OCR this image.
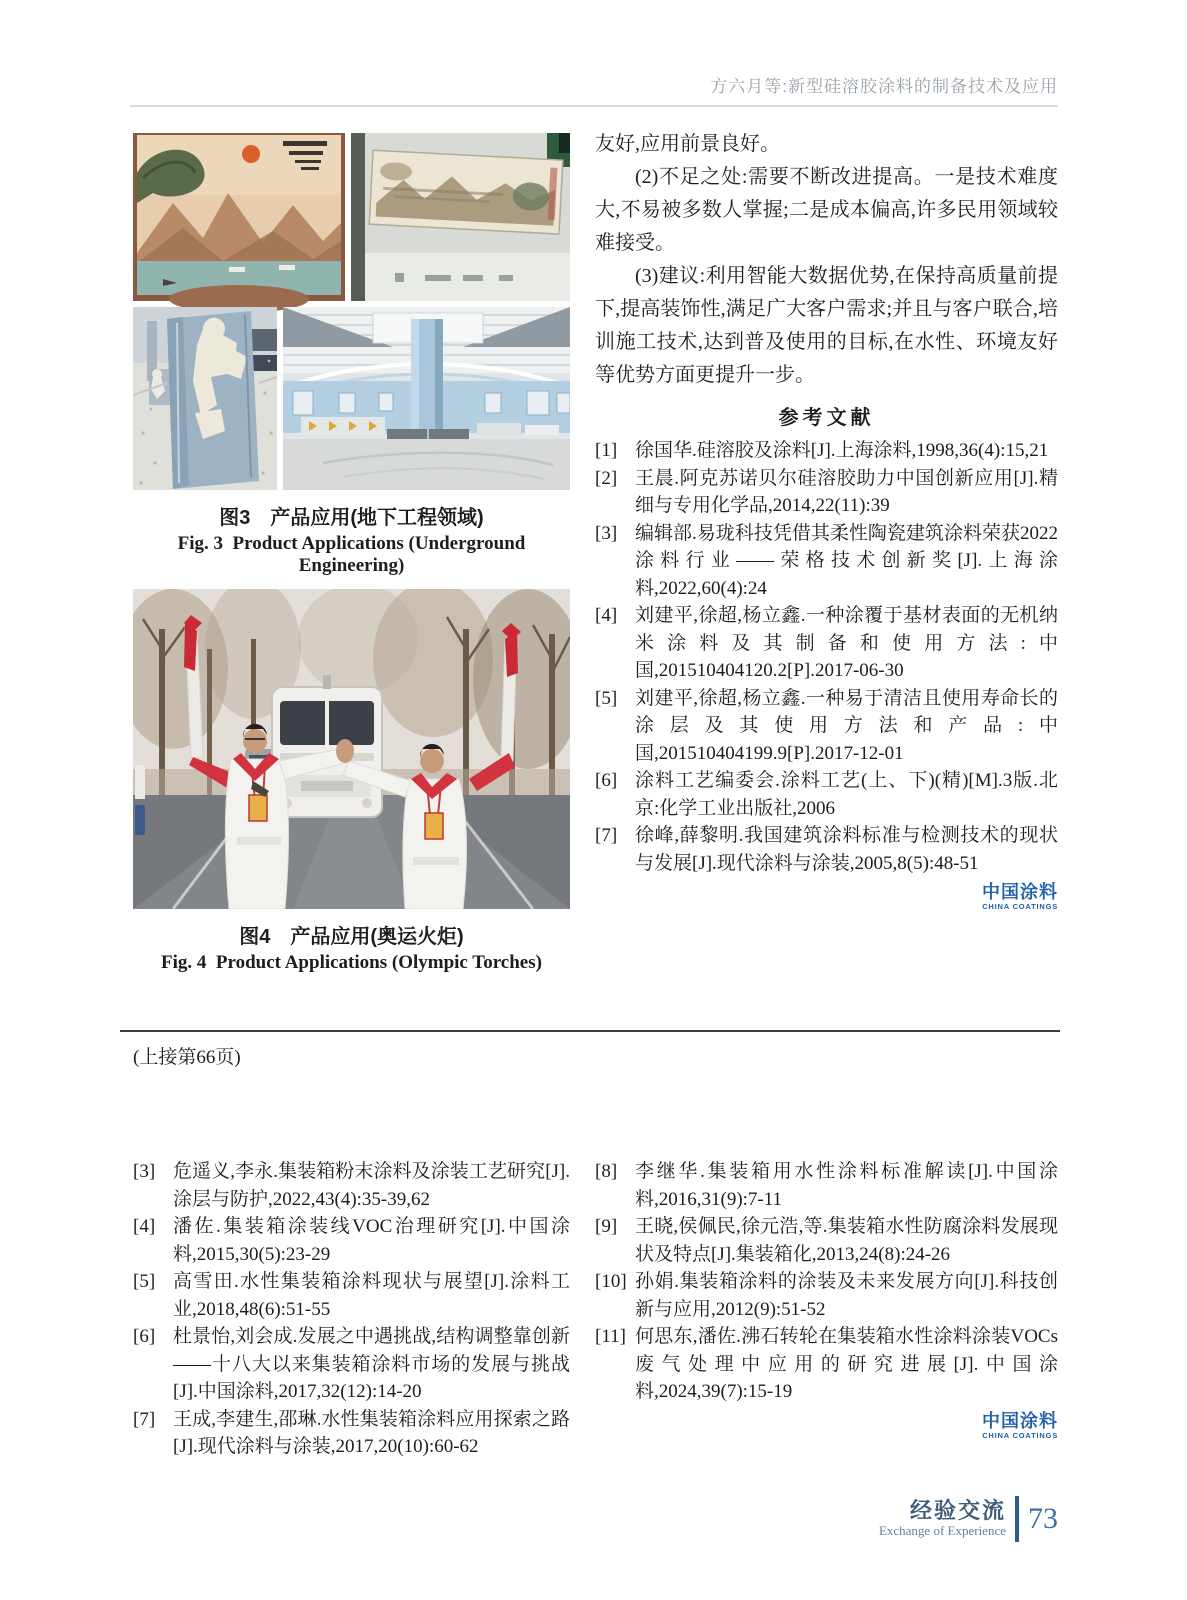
方六月等:新型硅溶胶涂料的制备技术及应用
图3　产品应用(地下工程领域)
Fig. 3  Product Applications (Underground Engineering)
图4　产品应用(奥运火炬)
Fig. 4  Product Applications (Olympic Torches)

友好,应用前景良好。

(2)不足之处:需要不断改进提高。一是技术难度大,不易被多数人掌握;二是成本偏高,许多民用领域较难接受。

(3)建议:利用智能大数据优势,在保持高质量前提下,提高装饰性,满足广大客户需求;并且与客户联合,培训施工技术,达到普及使用的目标,在水性、环境友好等优势方面更提升一步。

参考文献
[1] 徐国华.硅溶胶及涂料[J].上海涂料,1998,36(4):15,21
[2] 王晨.阿克苏诺贝尔硅溶胶助力中国创新应用[J].精细与专用化学品,2014,22(11):39
[3] 编辑部.易珑科技凭借其柔性陶瓷建筑涂料荣获2022涂料行业——荣格技术创新奖[J].上海涂料,2022,60(4):24
[4] 刘建平,徐超,杨立鑫.一种涂覆于基材表面的无机纳米涂料及其制备和使用方法:中国,201510404120.2[P].2017-06-30
[5] 刘建平,徐超,杨立鑫.一种易于清洁且使用寿命长的涂层及其使用方法和产品:中国,201510404199.9[P].2017-12-01
[6] 涂料工艺编委会.涂料工艺(上、下)(精)[M].3版.北京:化学工业出版社,2006
[7] 徐峰,薛黎明.我国建筑涂料标准与检测技术的现状与发展[J].现代涂料与涂装,2005,8(5):48-51
中国涂料
CHINA COATINGS
(上接第66页)
[3] 危遥义,李永.集装箱粉末涂料及涂装工艺研究[J].涂层与防护,2022,43(4):35-39,62
[4] 潘佐.集装箱涂装线VOC治理研究[J].中国涂料,2015,30(5):23-29
[5] 高雪田.水性集装箱涂料现状与展望[J].涂料工业,2018,48(6):51-55
[6] 杜景怡,刘会成.发展之中遇挑战,结构调整靠创新——十八大以来集装箱涂料市场的发展与挑战[J].中国涂料,2017,32(12):14-20
[7] 王成,李建生,邵琳.水性集装箱涂料应用探索之路[J].现代涂料与涂装,2017,20(10):60-62
[8] 李继华.集装箱用水性涂料标准解读[J].中国涂料,2016,31(9):7-11
[9] 王晓,侯佩民,徐元浩,等.集装箱水性防腐涂料发展现状及特点[J].集装箱化,2013,24(8):24-26
[10] 孙娟.集装箱涂料的涂装及未来发展方向[J].科技创新与应用,2012(9):51-52
[11] 何思东,潘佐.沸石转轮在集装箱水性涂料涂装VOCs废气处理中应用的研究进展[J].中国涂料,2024,39(7):15-19
中国涂料
CHINA COATINGS
经验交流
Exchange of Experience 73
